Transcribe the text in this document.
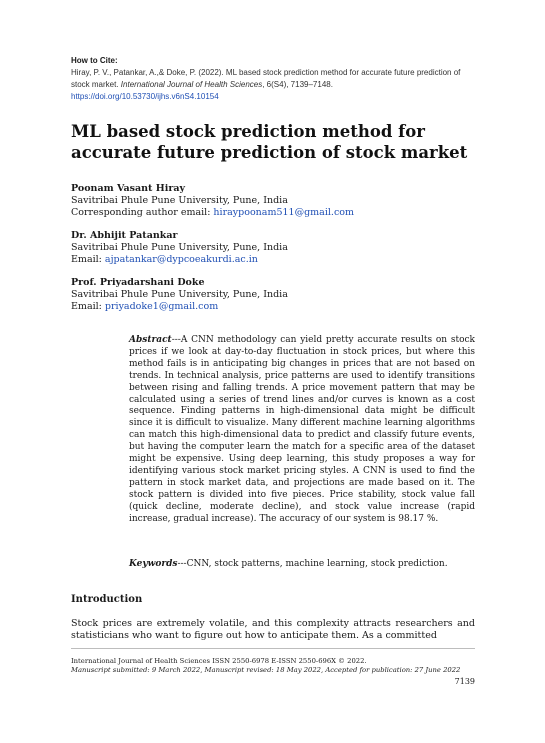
How to Cite:
Hiray, P. V., Patankar, A.,& Doke, P. (2022). ML based stock prediction method for accurate future prediction of stock market. International Journal of Health Sciences, 6(S4), 7139–7148. https://doi.org/10.53730/ijhs.v6nS4.10154
ML based stock prediction method for accurate future prediction of stock market
Poonam Vasant Hiray
Savitribai Phule Pune University, Pune, India
Corresponding author email: hiraypoonam511@gmail.com
Dr. Abhijit Patankar
Savitribai Phule Pune University, Pune, India
Email: ajpatankar@dypcoeakurdi.ac.in
Prof. Priyadarshani Doke
Savitribai Phule Pune University, Pune, India
Email: priyadoke1@gmail.com
Abstract---A CNN methodology can yield pretty accurate results on stock prices if we look at day-to-day fluctuation in stock prices, but where this method fails is in anticipating big changes in prices that are not based on trends. In technical analysis, price patterns are used to identify transitions between rising and falling trends. A price movement pattern that may be calculated using a series of trend lines and/or curves is known as a cost sequence. Finding patterns in high-dimensional data might be difficult since it is difficult to visualize. Many different machine learning algorithms can match this high-dimensional data to predict and classify future events, but having the computer learn the match for a specific area of the dataset might be expensive. Using deep learning, this study proposes a way for identifying various stock market pricing styles. A CNN is used to find the pattern in stock market data, and projections are made based on it. The stock pattern is divided into five pieces. Price stability, stock value fall (quick decline, moderate decline), and stock value increase (rapid increase, gradual increase). The accuracy of our system is 98.17 %.
Keywords---CNN, stock patterns, machine learning, stock prediction.
Introduction
Stock prices are extremely volatile, and this complexity attracts researchers and statisticians who want to figure out how to anticipate them. As a committed
International Journal of Health Sciences ISSN 2550-6978 E-ISSN 2550-696X © 2022.
Manuscript submitted: 9 March 2022, Manuscript revised: 18 May 2022, Accepted for publication: 27 June 2022
7139
